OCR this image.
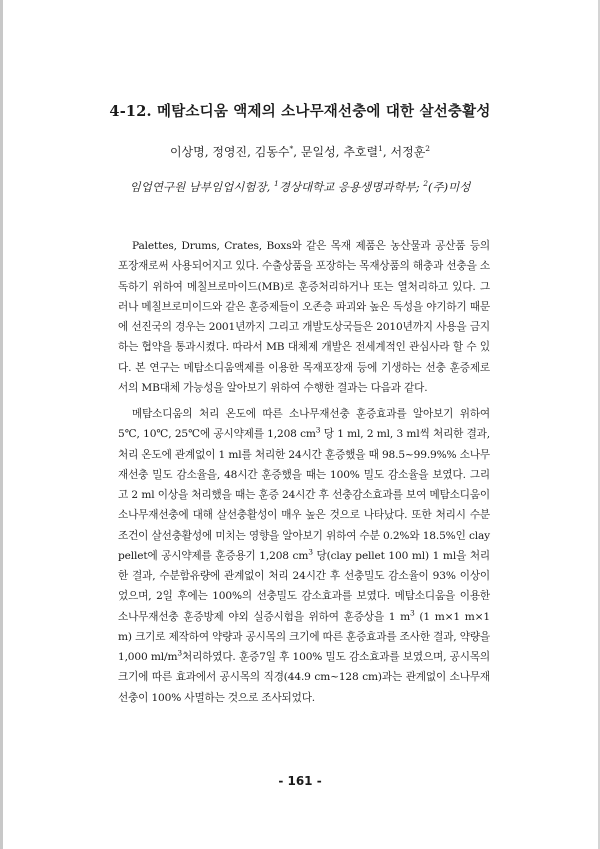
4-12. 메탐소디움 액제의 소나무재선충에 대한 살선충활성
이상명, 정영진, 김동수*, 문일성, 추호렬$^1$, 서정훈$^2$
임업연구원 남부임업시험장, $^1$경상대학교 응용생명과학부; $^2$(주)미성

Palettes, Drums, Crates, Boxs와 같은 목재 제품은 농산물과 공산품 등의 포장재로써 사용되어지고 있다. 수출상품을 포장하는 목재상품의 해충과 선충을 소독하기 위하여 메칠브로마이드(MB)로 훈증처리하거나 또는 열처리하고 있다. 그러나 메칠브로미이드와 같은 훈증제들이 오존층 파괴와 높은 독성을 야기하기 때문에 선진국의 경우는 2001년까지 그리고 개발도상국들은 2010년까지 사용을 금지하는 협약을 통과시켰다. 따라서 MB 대체제 개발은 전세계적인 관심사라 할 수 있다. 본 연구는 메탐소디움액제를 이용한 목재포장재 등에 기생하는 선충 훈증제로서의 MB대체 가능성을 알아보기 위하여 수행한 결과는 다음과 같다.

메탐소디움의 처리 온도에 따른 소나무재선충 훈증효과를 알아보기 위하여 5℃, 10℃, 25℃에 공시약제를 1,208 $cm^3$ 당 1 ml, 2 ml, 3 ml씩 처리한 결과, 처리 온도에 관계없이 1 ml를 처리한 24시간 훈증했을 때 98.5~99.9%% 소나무재선충 밀도 감소율을, 48시간 훈증했을 때는 100% 밀도 감소율을 보였다. 그리고 2 ml 이상을 처리했을 때는 훈증 24시간 후 선충감소효과를 보여 메탐소디움이 소나무재선충에 대해 살선충활성이 매우 높은 것으로 나타났다. 또한 처리시 수분조건이 살선충활성에 미치는 영향을 알아보기 위하여 수분 0.2%와 18.5%인 clay pellet에 공시약제를 훈증용기 1,208 $cm^3$ 당(clay pellet 100 ml) 1 ml을 처리한 결과, 수분함유량에 관계없이 처리 24시간 후 선충밀도 감소율이 93% 이상이었으며, 2일 후에는 100%의 선충밀도 감소효과를 보였다. 메탐소디움을 이용한 소나무재선충 훈증방제 야외 실증시험을 위하여 훈증상을 1 $m^3$ (1 m×1 m×1 m) 크기로 제작하여 약량과 공시목의 크기에 따른 훈증효과를 조사한 결과, 약량을 1,000 $ml/m^3$처리하였다. 훈증7일 후 100% 밀도 감소효과를 보였으며, 공시목의 크기에 따른 효과에서 공시목의 직경(44.9 cm~128 cm)과는 관계없이 소나무재선충이 100% 사멸하는 것으로 조사되었다.

- 161 -
